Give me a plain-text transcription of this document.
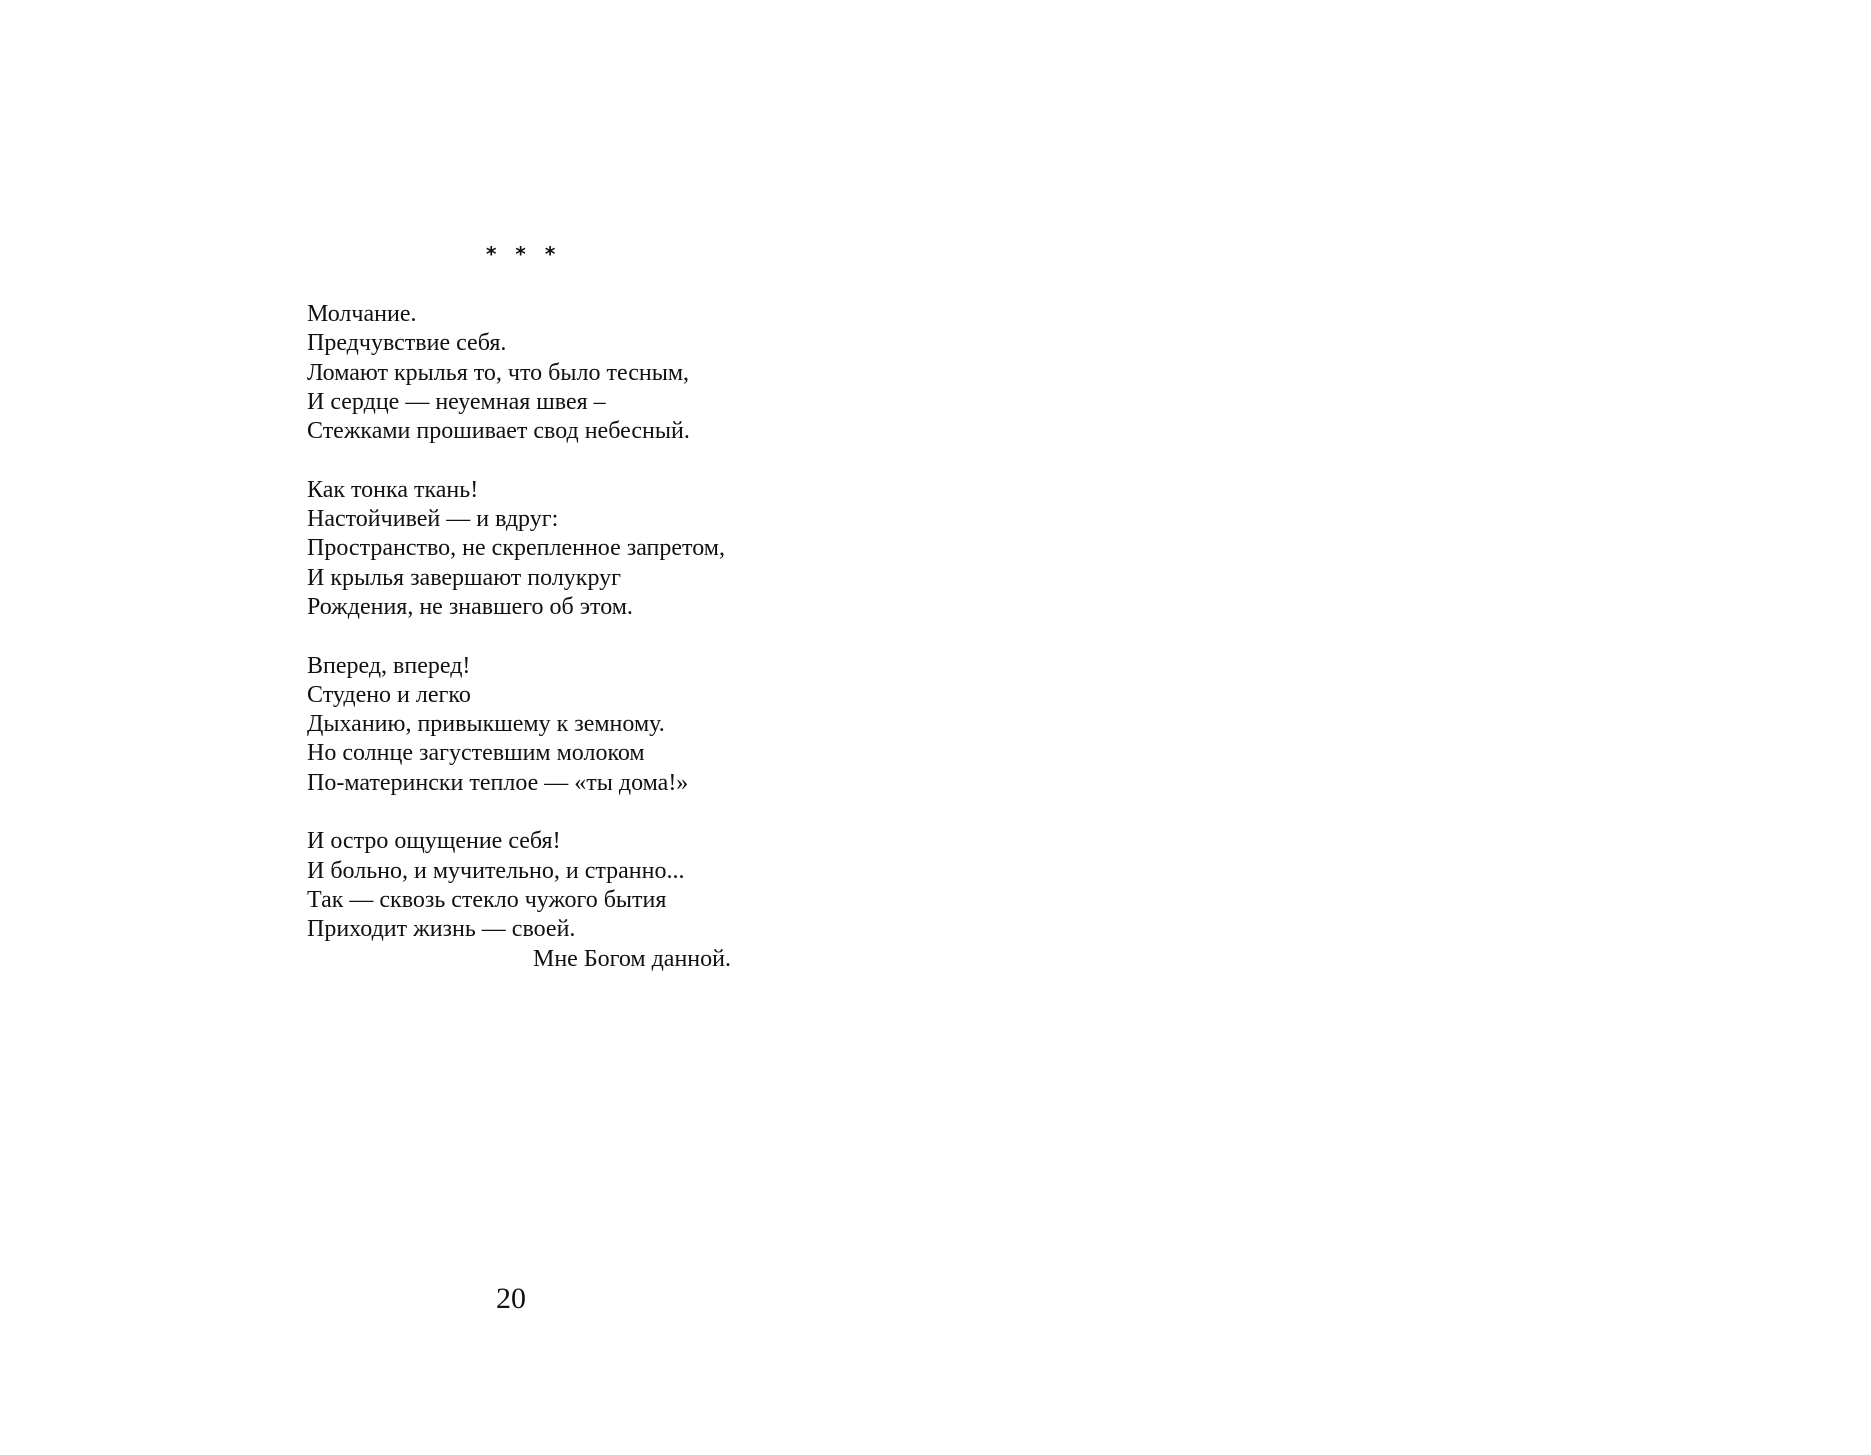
* * *
Молчание.
Предчувствие себя.
Ломают крылья то, что было тесным,
И сердце — неуемная швея –
Стежками прошивает свод небесный.
Как тонка ткань!
Настойчивей — и вдруг:
Пространство, не скрепленное запретом,
И крылья завершают полукруг
Рождения, не знавшего об этом.
Вперед, вперед!
Студено и легко
Дыханию, привыкшему к земному.
Но солнце загустевшим молоком
По-матерински теплое — «ты дома!»
И остро ощущение себя!
И больно, и мучительно, и странно...
Так — сквозь стекло чужого бытия
Приходит жизнь — своей.
Мне Богом данной.
20
